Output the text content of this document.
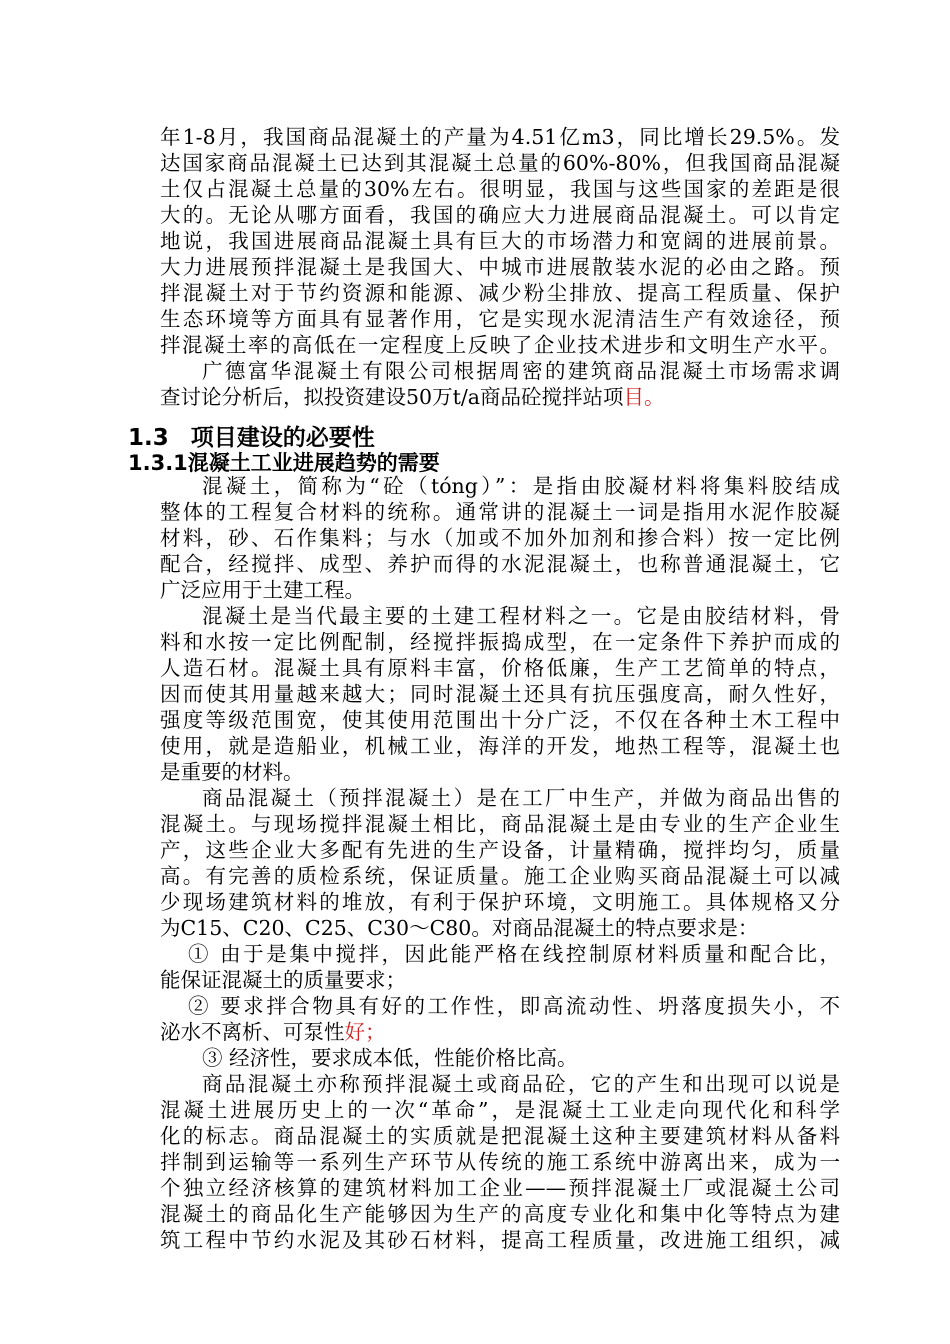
年1-8月，我国商品混凝土的产量为4.51亿m3，同比增长29.5%。发

达国家商品混凝土已达到其混凝土总量的60%-80%，但我国商品混凝

土仅占混凝土总量的30%左右。很明显，我国与这些国家的差距是很

大的。无论从哪方面看，我国的确应大力进展商品混凝土。可以肯定

地说，我国进展商品混凝土具有巨大的市场潜力和宽阔的进展前景。

大力进展预拌混凝土是我国大、中城市进展散装水泥的必由之路。预

拌混凝土对于节约资源和能源、减少粉尘排放、提高工程质量、保护

生态环境等方面具有显著作用，它是实现水泥清洁生产有效途径，预

拌混凝土率的高低在一定程度上反映了企业技术进步和文明生产水平。

广德富华混凝土有限公司根据周密的建筑商品混凝土市场需求调

查讨论分析后，拟投资建设50万t/a商品砼搅拌站项目。

1.3 项目建设的必要性
1.3.1混凝土工业进展趋势的需要

混凝土，简称为“砼（tóng）”：是指由胶凝材料将集料胶结成

整体的工程复合材料的统称。通常讲的混凝土一词是指用水泥作胶凝

材料，砂、石作集料；与水（加或不加外加剂和掺合料）按一定比例

配合，经搅拌、成型、养护而得的水泥混凝土，也称普通混凝土，它

广泛应用于土建工程。

混凝土是当代最主要的土建工程材料之一。它是由胶结材料，骨

料和水按一定比例配制，经搅拌振捣成型，在一定条件下养护而成的

人造石材。混凝土具有原料丰富，价格低廉，生产工艺简单的特点，

因而使其用量越来越大；同时混凝土还具有抗压强度高，耐久性好，

强度等级范围宽，使其使用范围出十分广泛，不仅在各种土木工程中

使用，就是造船业，机械工业，海洋的开发，地热工程等，混凝土也

是重要的材料。

商品混凝土（预拌混凝土）是在工厂中生产，并做为商品出售的

混凝土。与现场搅拌混凝土相比，商品混凝土是由专业的生产企业生

产，这些企业大多配有先进的生产设备，计量精确，搅拌均匀，质量

高。有完善的质检系统，保证质量。施工企业购买商品混凝土可以减

少现场建筑材料的堆放，有利于保护环境，文明施工。具体规格又分

为C15、C20、C25、C30～C80。对商品混凝土的特点要求是：

① 由于是集中搅拌，因此能严格在线控制原材料质量和配合比，

能保证混凝土的质量要求；

② 要求拌合物具有好的工作性，即高流动性、坍落度损失小，不

泌水不离析、可泵性好；

③ 经济性，要求成本低，性能价格比高。

商品混凝土亦称预拌混凝土或商品砼，它的产生和出现可以说是

混凝土进展历史上的一次“革命”，是混凝土工业走向现代化和科学

化的标志。商品混凝土的实质就是把混凝土这种主要建筑材料从备料

拌制到运输等一系列生产环节从传统的施工系统中游离出来，成为一

个独立经济核算的建筑材料加工企业——预拌混凝土厂或混凝土公司

混凝土的商品化生产能够因为生产的高度专业化和集中化等特点为建

筑工程中节约水泥及其砂石材料，提高工程质量，改进施工组织，减
